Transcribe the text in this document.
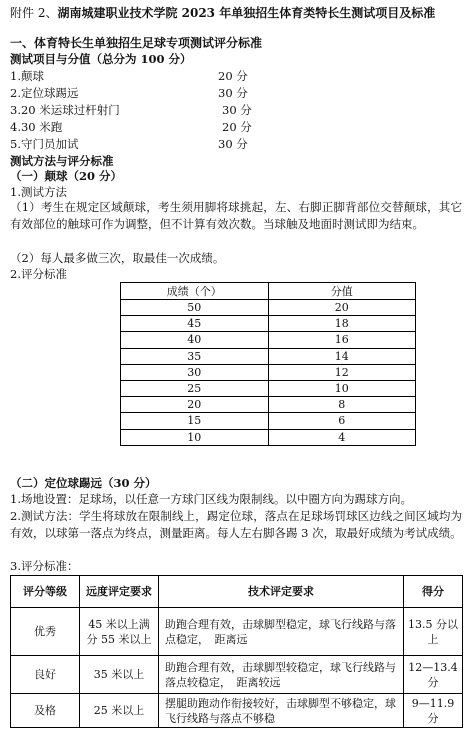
附件 2、湖南城建职业技术学院 2023 年单独招生体育类特长生测试项目及标准
一、体育特长生单独招生足球专项测试评分标准
测试项目与分值（总分为 100 分）
1.颠球	20 分
2.定位球踢远	30 分
3.20 米运球过杆射门	30 分
4.30 米跑	20 分
5.守门员加试	30 分
测试方法与评分标准
（一）颠球（20 分）
1.测试方法
（1）考生在规定区域颠球，考生须用脚将球挑起，左、右脚正脚背部位交替颠球，其它有效部位的触球可作为调整，但不计算有效次数。当球触及地面时测试即为结束。
（2）每人最多做三次，取最佳一次成绩。
2.评分标准
成绩（个）	分值
50	20
45	18
40	16
35	14
30	12
25	10
20	8
15	6
10	4
（二）定位球踢远（30 分）
1.场地设置：足球场，以任意一方球门区线为限制线。以中圈方向为踢球方向。
2.测试方法：学生将球放在限制线上，踢定位球，落点在足球场罚球区边线之间区域均为有效，以球第一落点为终点，测量距离。每人左右脚各踢 3 次，取最好成绩为考试成绩。
3.评分标准：
评分等级	远度评定要求	技术评定要求	得分
优秀	45 米以上满分 55 米以上	助跑合理有效，击球脚型稳定，球飞行线路与落点稳定，　距离远	13.5 分以上
良好	35 米以上	助跑合理有效，击球脚型较稳定，球飞行线路与落点较稳定，　距离较远	12—13.4 分
及格	25 米以上	摆腿助跑动作衔接较好，击球脚型不够稳定，球飞行线路与落点不够稳	9—11.9 分
